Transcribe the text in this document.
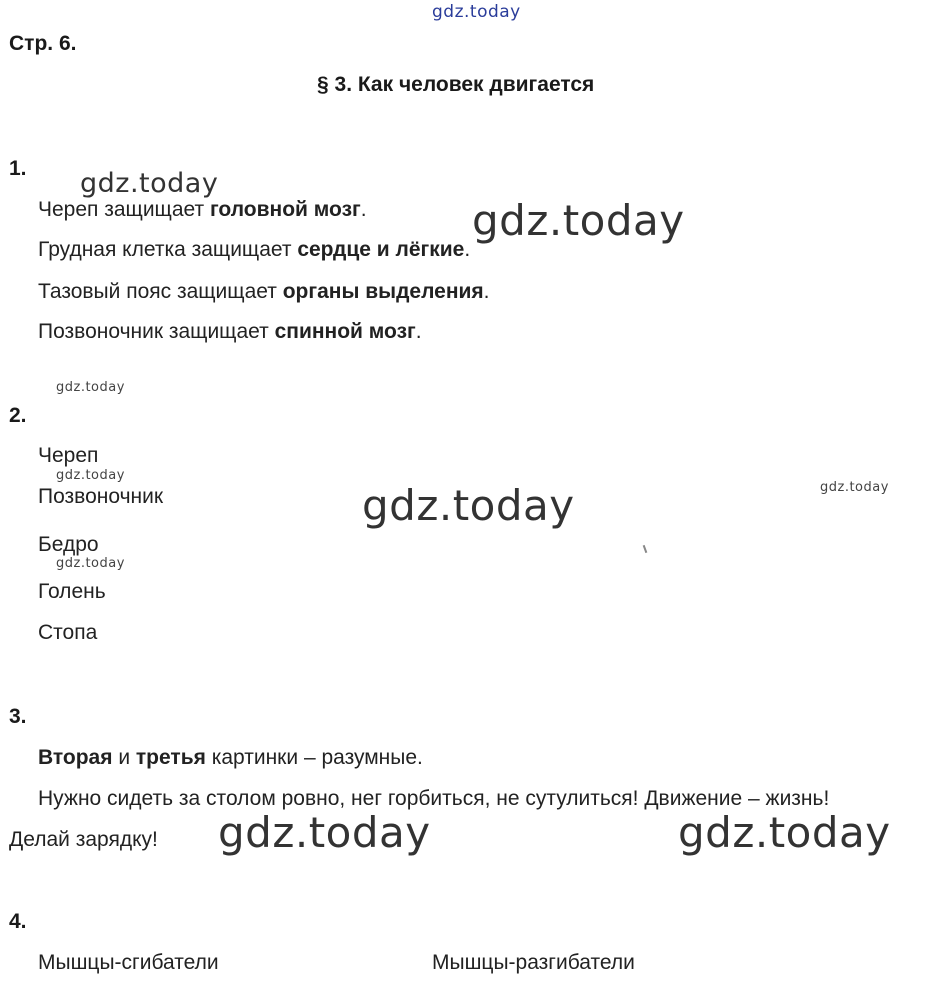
gdz.today
gdz.today
gdz.today
gdz.today
gdz.today
gdz.today	gdz.today
gdz.today
gdz.today	gdz.today
Стр. 6.
§ 3. Как человек двигается
1.
Череп защищает головной мозг.
Грудная клетка защищает сердце и лёгкие.
Тазовый пояс защищает органы выделения.
Позвоночник защищает спинной мозг.
2.
Череп
Позвоночник
Бедро
Голень
Стопа
3.
Вторая и третья картинки – разумные.
Нужно сидеть за столом ровно, нег горбиться, не сутулиться! Движение – жизнь!
Делай зарядку!
4.
Мышцы-сгибатели	Мышцы-разгибатели
